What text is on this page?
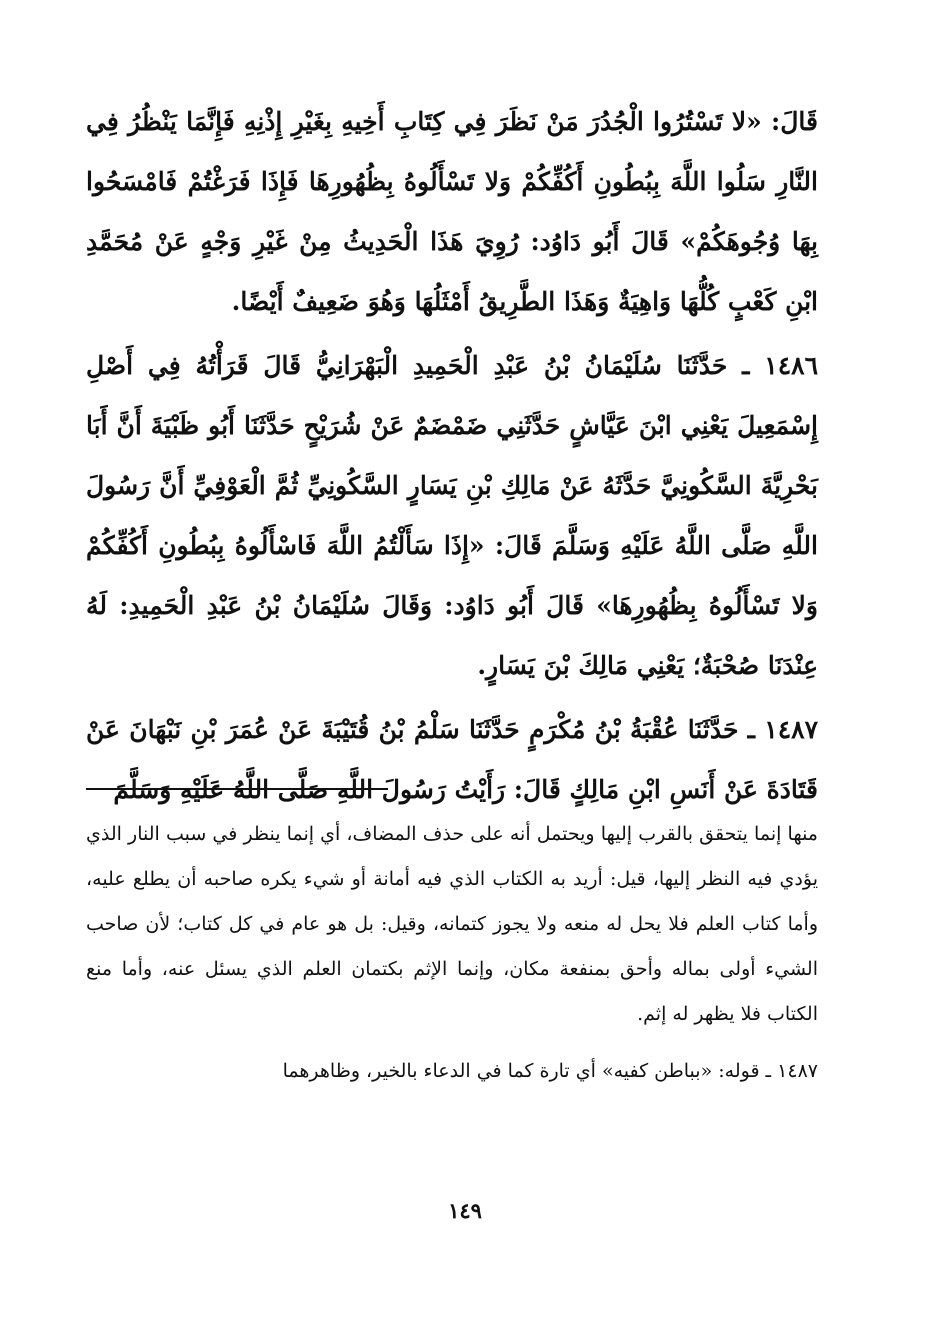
قَالَ: «لا تَسْتُرُوا الْجُدُرَ مَنْ نَظَرَ فِي كِتَابِ أَخِيهِ بِغَيْرِ إِذْنِهِ فَإِنَّمَا يَنْظُرُ فِي النَّارِ سَلُوا اللَّهَ بِبُطُونِ أَكُفِّكُمْ وَلا تَسْأَلُوهُ بِظُهُورِهَا فَإِذَا فَرَغْتُمْ فَامْسَحُوا بِهَا وُجُوهَكُمْ» قَالَ أَبُو دَاوُد: رُوِيَ هَذَا الْحَدِيثُ مِنْ غَيْرِ وَجْهٍ عَنْ مُحَمَّدِ ابْنِ كَعْبٍ كُلُّهَا وَاهِيَةٌ وَهَذَا الطَّرِيقُ أَمْثَلُهَا وَهُوَ ضَعِيفٌ أَيْضًا.

١٤٨٦ ـ حَدَّثَنَا سُلَيْمَانُ بْنُ عَبْدِ الْحَمِيدِ الْبَهْرَانِيُّ قَالَ قَرَأْتُهُ فِي أَصْلِ إِسْمَعِيلَ يَعْنِي ابْنَ عَيَّاشٍ حَدَّثَنِي ضَمْضَمٌ عَنْ شُرَيْحٍ حَدَّثَنَا أَبُو ظَبْيَةَ أَنَّ أَبَا بَحْرِيَّةَ السَّكُونِيَّ حَدَّثَهُ عَنْ مَالِكِ بْنِ يَسَارٍ السَّكُونِيِّ ثُمَّ الْعَوْفِيِّ أَنَّ رَسُولَ اللَّهِ صَلَّى اللَّهُ عَلَيْهِ وَسَلَّمَ قَالَ: «إِذَا سَأَلْتُمُ اللَّهَ فَاسْأَلُوهُ بِبُطُونِ أَكُفِّكُمْ وَلا تَسْأَلُوهُ بِظُهُورِهَا» قَالَ أَبُو دَاوُد: وَقَالَ سُلَيْمَانُ بْنُ عَبْدِ الْحَمِيدِ: لَهُ عِنْدَنَا صُحْبَةٌ؛ يَعْنِي مَالِكَ بْنَ يَسَارٍ.

١٤٨٧ ـ حَدَّثَنَا عُقْبَةُ بْنُ مُكْرَمٍ حَدَّثَنَا سَلْمُ بْنُ قُتَيْبَةَ عَنْ عُمَرَ بْنِ نَبْهَانَ عَنْ قَتَادَةَ عَنْ أَنَسِ ابْنِ مَالِكٍ قَالَ: رَأَيْتُ رَسُولَ اللَّهِ صَلَّى اللَّهُ عَلَيْهِ وَسَلَّمَ

منها إنما يتحقق بالقرب إليها ويحتمل أنه على حذف المضاف، أي إنما ينظر في سبب النار الذي يؤدي فيه النظر إليها، قيل: أريد به الكتاب الذي فيه أمانة أو شيء يكره صاحبه أن يطلع عليه، وأما كتاب العلم فلا يحل له منعه ولا يجوز كتمانه، وقيل: بل هو عام في كل كتاب؛ لأن صاحب الشيء أولى بماله وأحق بمنفعة مكان، وإنما الإثم بكتمان العلم الذي يسئل عنه، وأما منع الكتاب فلا يظهر له إثم.

١٤٨٧ ـ قوله: «بباطن كفيه» أي تارة كما في الدعاء بالخير، وظاهرهما

١٤٩
